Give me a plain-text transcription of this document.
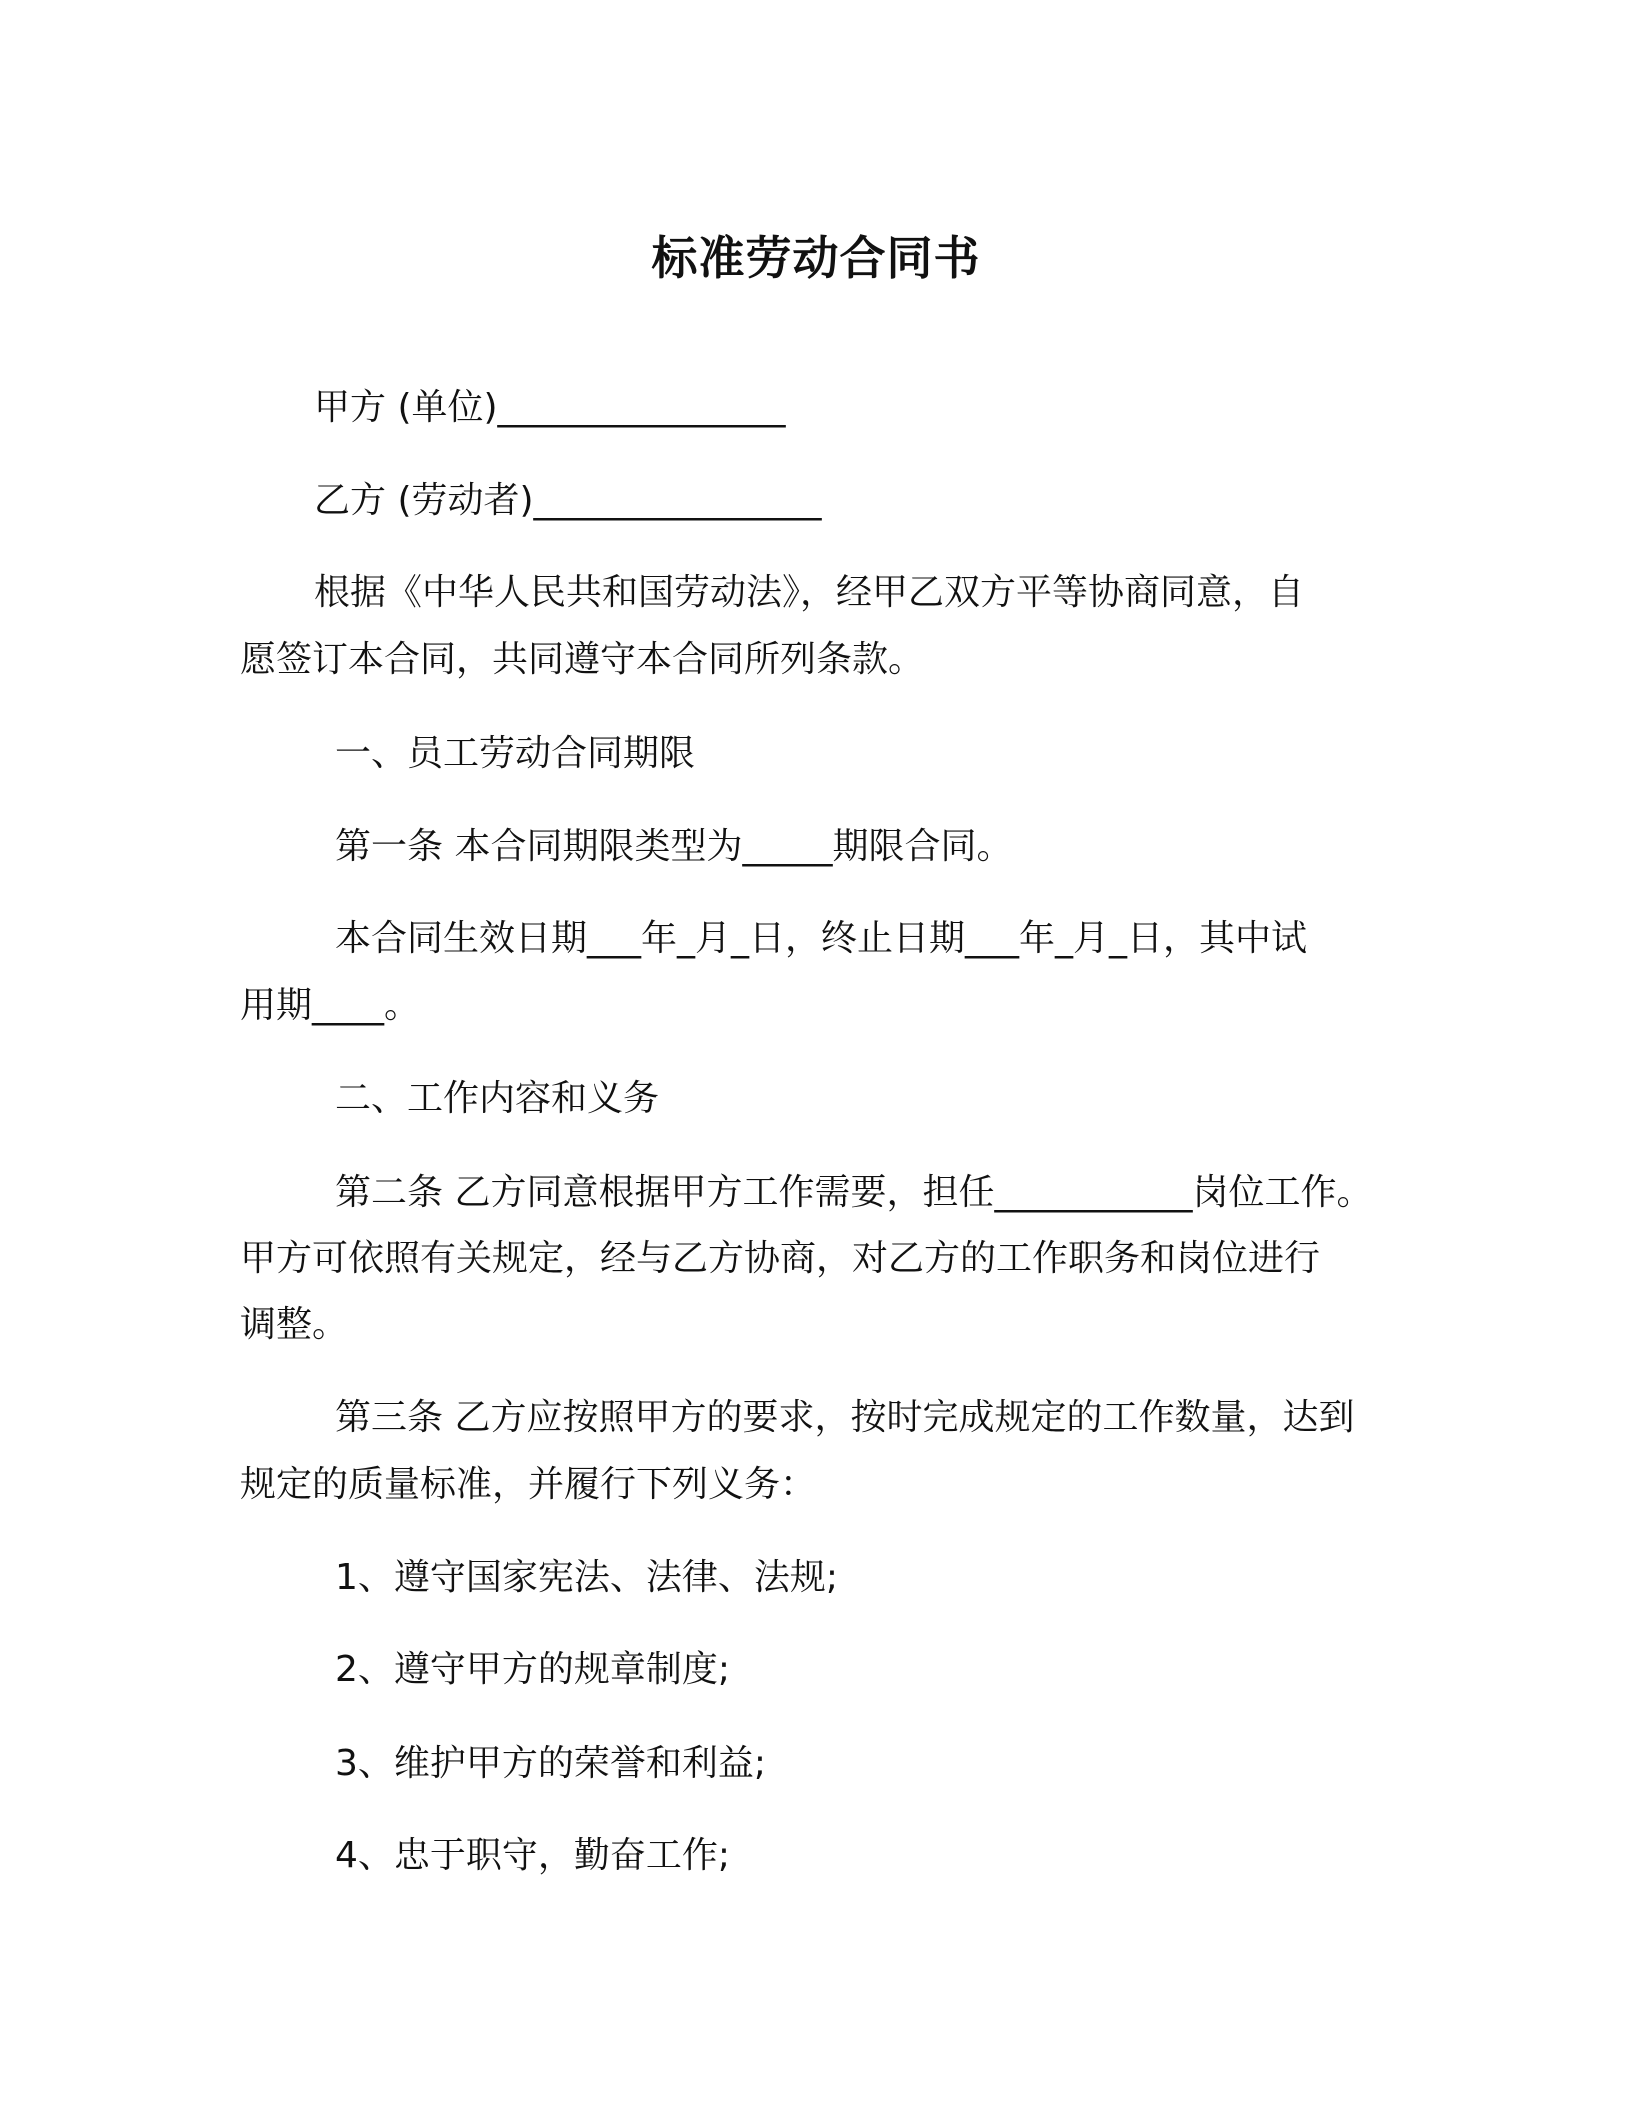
标准劳动合同书
甲方 (单位)________________
乙方 (劳动者)________________
根据《中华人民共和国劳动法》，经甲乙双方平等协商同意，自
愿签订本合同，共同遵守本合同所列条款。
一、员工劳动合同期限
第一条 本合同期限类型为_____期限合同。
本合同生效日期___年_月_日，终止日期___年_月_日，其中试
用期____。
二、工作内容和义务
第二条 乙方同意根据甲方工作需要，担任___________岗位工作。
甲方可依照有关规定，经与乙方协商，对乙方的工作职务和岗位进行
调整。
第三条 乙方应按照甲方的要求，按时完成规定的工作数量，达到
规定的质量标准，并履行下列义务：
1、遵守国家宪法、法律、法规;
2、遵守甲方的规章制度;
3、维护甲方的荣誉和利益;
4、忠于职守，勤奋工作;
